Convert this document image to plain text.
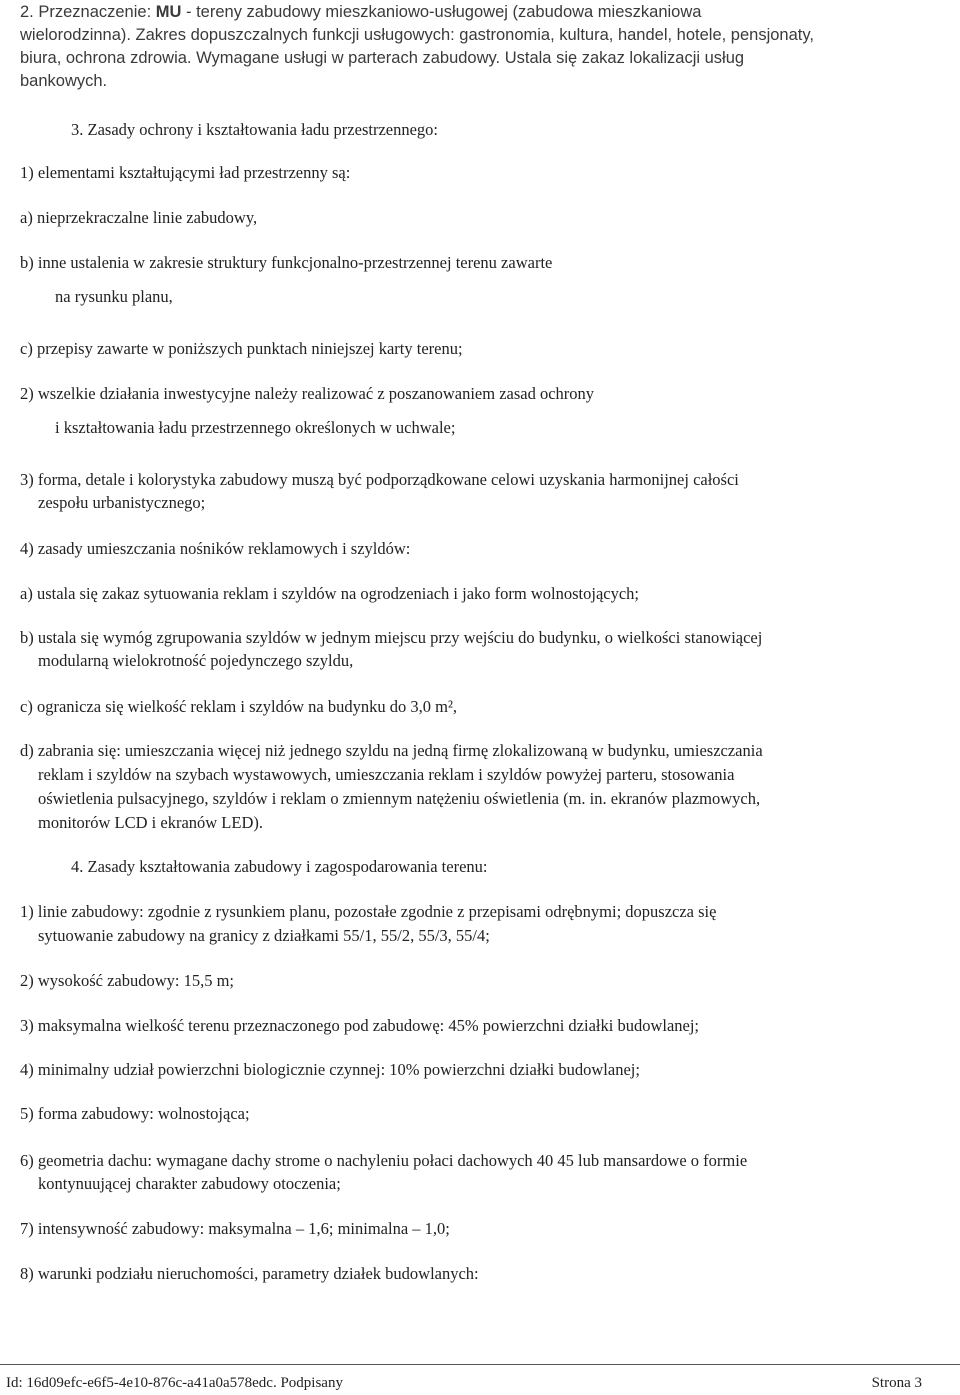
2. Przeznaczenie: MU - tereny zabudowy mieszkaniowo-usługowej (zabudowa mieszkaniowa
wielorodzinna). Zakres dopuszczalnych funkcji usługowych: gastronomia, kultura, handel, hotele, pensjonaty,
biura, ochrona zdrowia. Wymagane usługi w parterach zabudowy. Ustala się zakaz lokalizacji usług
bankowych.
3. Zasady ochrony i kształtowania ładu przestrzennego:
1) elementami kształtującymi ład przestrzenny są:
a) nieprzekraczalne linie zabudowy,
b) inne ustalenia w zakresie struktury funkcjonalno-przestrzennej terenu zawarte
na rysunku planu,
c) przepisy zawarte w poniższych punktach niniejszej karty terenu;
2) wszelkie działania inwestycyjne należy realizować z poszanowaniem zasad ochrony
i kształtowania ładu przestrzennego określonych w uchwale;
3) forma, detale i kolorystyka zabudowy muszą być podporządkowane celowi uzyskania harmonijnej całości
zespołu urbanistycznego;
4) zasady umieszczania nośników reklamowych i szyldów:
a) ustala się zakaz sytuowania reklam i szyldów na ogrodzeniach i jako form wolnostojących;
b) ustala się wymóg zgrupowania szyldów w jednym miejscu przy wejściu do budynku, o wielkości stanowiącej
modularną wielokrotność pojedynczego szyldu,
c) ogranicza się wielkość reklam i szyldów na budynku do 3,0 m²,
d) zabrania się: umieszczania więcej niż jednego szyldu na jedną firmę zlokalizowaną w budynku, umieszczania
reklam i szyldów na szybach wystawowych, umieszczania reklam i szyldów powyżej parteru, stosowania
oświetlenia pulsacyjnego, szyldów i reklam o zmiennym natężeniu oświetlenia (m. in. ekranów plazmowych,
monitorów LCD i ekranów LED).
4. Zasady kształtowania zabudowy i zagospodarowania terenu:
1) linie zabudowy: zgodnie z rysunkiem planu, pozostałe zgodnie z przepisami odrębnymi; dopuszcza się
sytuowanie zabudowy na granicy z działkami 55/1, 55/2, 55/3, 55/4;
2) wysokość zabudowy: 15,5 m;
3) maksymalna wielkość terenu przeznaczonego pod zabudowę: 45% powierzchni działki budowlanej;
4) minimalny udział powierzchni biologicznie czynnej: 10% powierzchni działki budowlanej;
5) forma zabudowy: wolnostojąca;
6) geometria dachu: wymagane dachy strome o nachyleniu połaci dachowych 40 45 lub mansardowe o formie
kontynuującej charakter zabudowy otoczenia;
7) intensywność zabudowy: maksymalna – 1,6; minimalna – 1,0;
8) warunki podziału nieruchomości, parametry działek budowlanych:
Id: 16d09efc-e6f5-4e10-876c-a41a0a578edc. Podpisany	Strona 3
